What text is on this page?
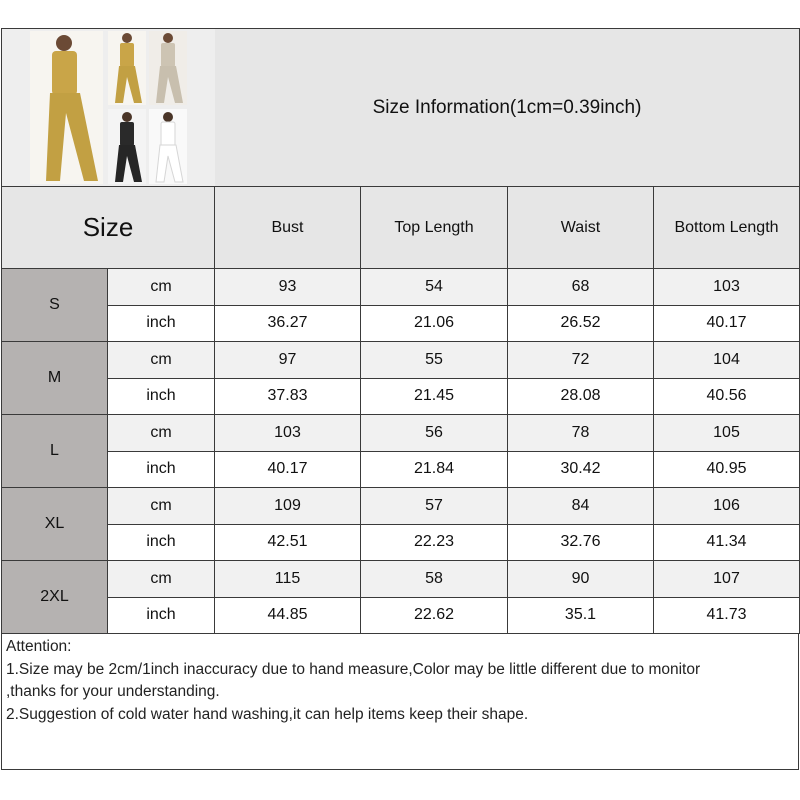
	Size Information(1cm=0.39inch)			
Size		Bust	Top Length	Waist	Bottom Length
S	cm	93	54	68	103
	inch	36.27	21.06	26.52	40.17
M	cm	97	55	72	104
	inch	37.83	21.45	28.08	40.56
L	cm	103	56	78	105
	inch	40.17	21.84	30.42	40.95
XL	cm	109	57	84	106
	inch	42.51	22.23	32.76	41.34
2XL	cm	115	58	90	107
	inch	44.85	22.62	35.1	41.73
Attention:
1.Size may be 2cm/1inch inaccuracy due to hand measure,Color may be little different due to monitor
,thanks for your understanding.
2.Suggestion of cold water hand washing,it can help items keep their shape.
